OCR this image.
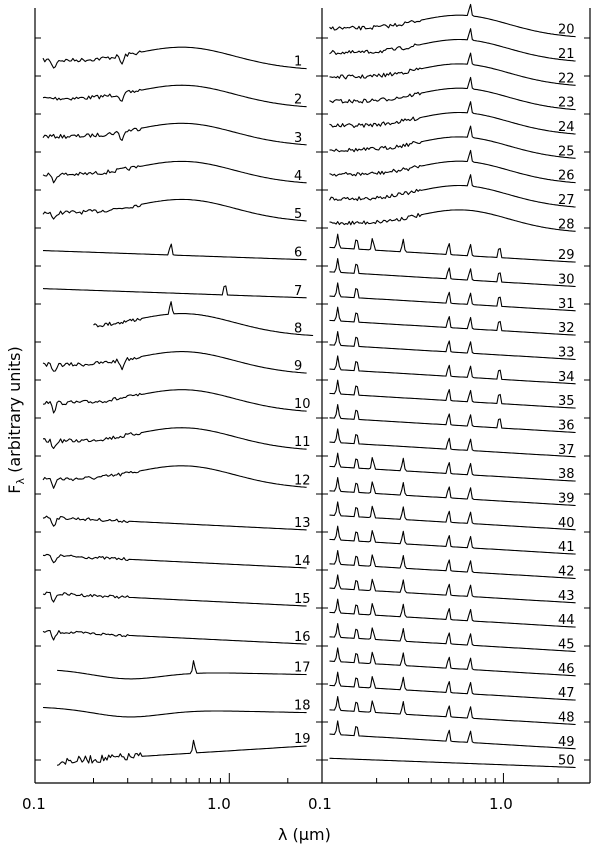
1
2
3
4
5
6
7
8
9
10
11
12
13
14
15
16
17
18
19
20
21
22
23
24
25
26
27
28
29
30
31
32
33
34
35
36
37
38
39
40
41
42
43
44
45
46
47
48
49
50
0.1	1.0	0.1	1.0
λ (μm)
$F_\lambda$ (arbitrary units)
